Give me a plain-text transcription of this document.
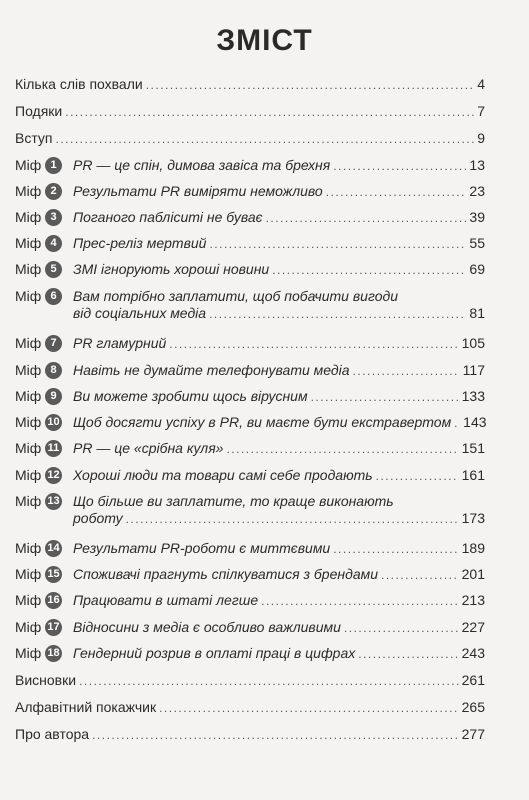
ЗМІСТ
Кілька слів похвали .....	4
Подяки .....	7
Вступ .....	9
Міф 1	PR — це спін, димова завіса та брехня .....	13
Міф 2	Результати PR виміряти неможливо .....	23
Міф 3	Поганого пабліситі не буває .....	39
Міф 4	Прес-реліз мертвий .....	55
Міф 5	ЗМІ ігнорують хороші новини .....	69
Міф 6	Вам потрібно заплатити, щоб побачити вигоди
від соціальних медіа .....	81
Міф 7	PR гламурний .....	105
Міф 8	Навіть не думайте телефонувати медіа .....	117
Міф 9	Ви можете зробити щось вірусним .....	133
Міф 10 Щоб досягти успіху в PR, ви маєте бути екстравертом ..... 143
Міф 11 PR — це «срібна куля» .....	151
Міф 12 Хороші люди та товари самі себе продають .....	161
Міф 13 Що більше ви заплатите, то краще виконають
роботу .....	173
Міф 14 Результати PR-роботи є миттєвими .....	189
Міф 15 Споживачі прагнуть спілкуватися з брендами .....	201
Міф 16 Працювати в штаті легше .....	213
Міф 17 Відносини з медіа є особливо важливими .....	227
Міф 18 Гендерний розрив в оплаті праці в цифрах .....	243
Висновки .....	261
Алфавітний покажчик .....	265
Про автора .....	277
